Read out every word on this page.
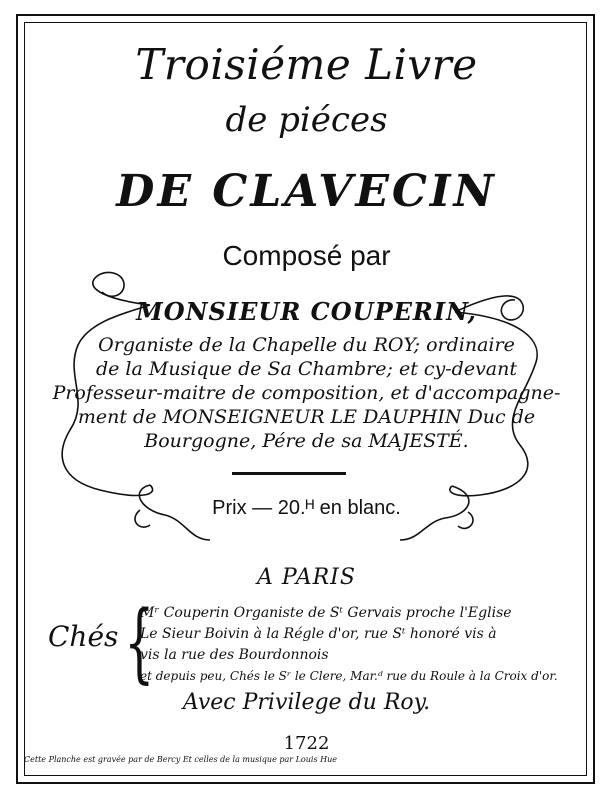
Troisiéme Livre
de piéces
DE CLAVECIN
Composé par
MONSIEUR COUPERIN,
Organiste de la Chapelle du ROY; ordinaire
de la Musique de Sa Chambre; et cy-devant
Professeur-maitre de composition, et d'accompagne-
ment de MONSEIGNEUR LE DAUPHIN Duc de
Bourgogne, Pére de sa MAJESTÉ.
Prix — 20.ᴴ en blanc.
A PARIS
Chés {
Mʳ Couperin Organiste de Sᵗ Gervais proche l'Eglise
Le Sieur Boivin à la Régle d'or, rue Sᵗ honoré vis à
vis la rue des Bourdonnois
et depuis peu, Chés le Sʳ le Clere, Mar.ᵈ rue du Roule à la Croix d'or.
Avec Privilege du Roy.
1722
Cette Planche est gravée par de Bercy Et celles de la musique par Louis Hue
